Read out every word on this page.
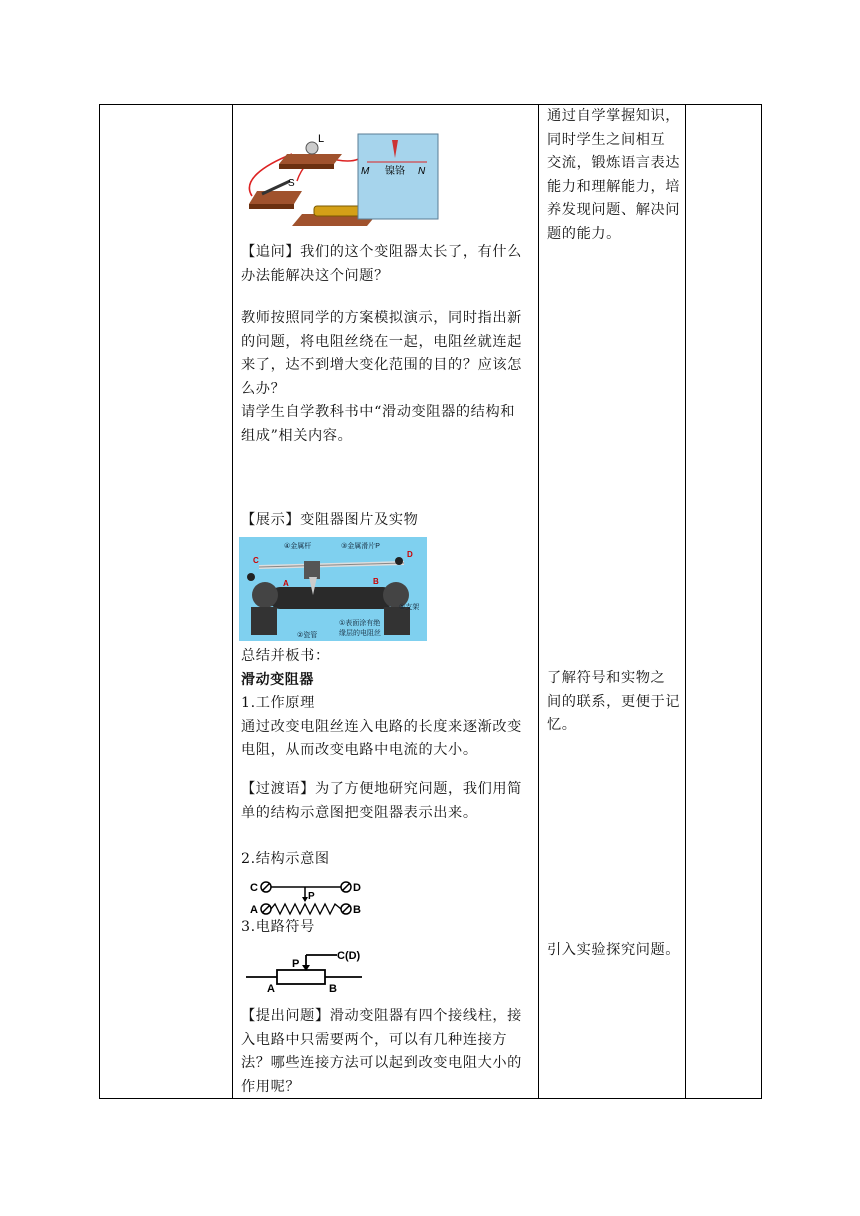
L
S
M 镍铬 N

【追问】我们的这个变阻器太长了，有什么

办法能解决这个问题？

教师按照同学的方案模拟演示，同时指出新

的问题，将电阻丝绕在一起，电阻丝就连起

来了，达不到增大变化范围的目的？应该怎

么办？

请学生自学教科书中“滑动变阻器的结构和

组成”相关内容。

【展示】变阻器图片及实物

④金属杆	③金属滑片P
C
D
A	B
⑤支架
②瓷管
①表面涂有绝
缘层的电阻丝

总结并板书：

滑动变阻器

1.工作原理

通过改变电阻丝连入电路的长度来逐渐改变

电阻，从而改变电路中电流的大小。

【过渡语】为了方便地研究问题，我们用简

单的结构示意图把变阻器表示出来。

2.结构示意图

C	D
P
A	B

3.电路符号

P
C(D)
A	B

【提出问题】滑动变阻器有四个接线柱，接

入电路中只需要两个，可以有几种连接方

法？哪些连接方法可以起到改变电阻大小的

作用呢？

通过自学掌握知识，

同时学生之间相互

交流，锻炼语言表达

能力和理解能力，培

养发现问题、解决问

题的能力。

了解符号和实物之

间的联系，更便于记

忆。

引入实验探究问题。
